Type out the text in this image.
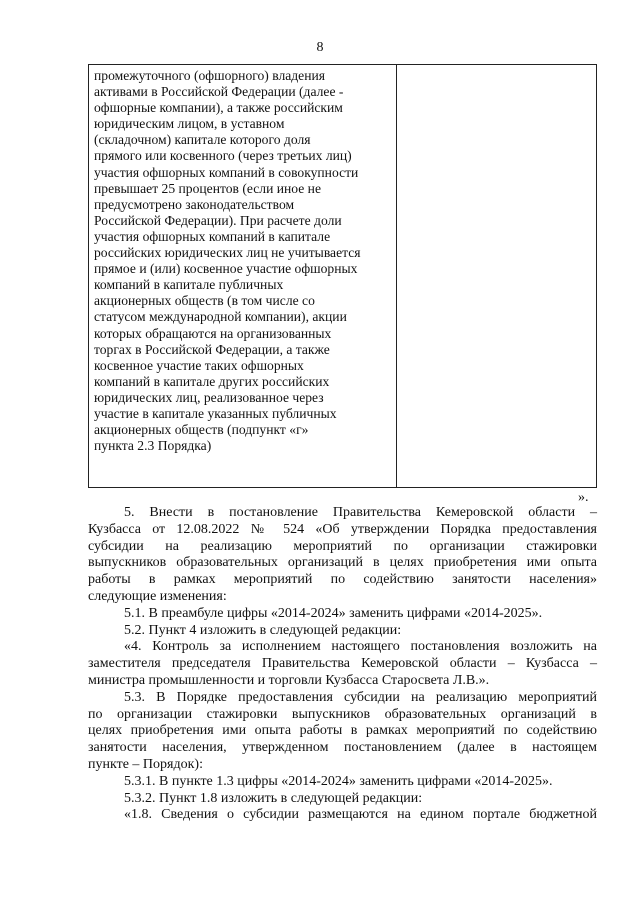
8
промежуточного (офшорного) владения
активами в Российской Федерации (далее -
офшорные компании), а также российским
юридическим лицом, в уставном
(складочном) капитале которого доля
прямого или косвенного (через третьих лиц)
участия офшорных компаний в совокупности
превышает 25 процентов (если иное не
предусмотрено законодательством
Российской Федерации). При расчете доли
участия офшорных компаний в капитале
российских юридических лиц не учитывается
прямое и (или) косвенное участие офшорных
компаний в капитале публичных
акционерных обществ (в том числе со
статусом международной компании), акции
которых обращаются на организованных
торгах в Российской Федерации, а также
косвенное участие таких офшорных
компаний в капитале других российских
юридических лиц, реализованное через
участие в капитале указанных публичных
акционерных обществ (подпункт «г»
пункта 2.3 Порядка)
».
5. Внести в постановление Правительства Кемеровской области –
Кузбасса от 12.08.2022 № 524 «Об утверждении Порядка предоставления
субсидии на реализацию мероприятий по организации стажировки
выпускников образовательных организаций в целях приобретения ими опыта
работы в рамках мероприятий по содействию занятости населения»
следующие изменения:
5.1. В преамбуле цифры «2014-2024» заменить цифрами «2014-2025».
5.2. Пункт 4 изложить в следующей редакции:
«4. Контроль за исполнением настоящего постановления возложить на
заместителя председателя Правительства Кемеровской области – Кузбасса –
министра промышленности и торговли Кузбасса Старосвета Л.В.».
5.3. В Порядке предоставления субсидии на реализацию мероприятий
по организации стажировки выпускников образовательных организаций в
целях приобретения ими опыта работы в рамках мероприятий по содействию
занятости населения, утвержденном постановлением (далее в настоящем
пункте – Порядок):
5.3.1. В пункте 1.3 цифры «2014-2024» заменить цифрами «2014-2025».
5.3.2. Пункт 1.8 изложить в следующей редакции:
«1.8. Сведения о субсидии размещаются на едином портале бюджетной
